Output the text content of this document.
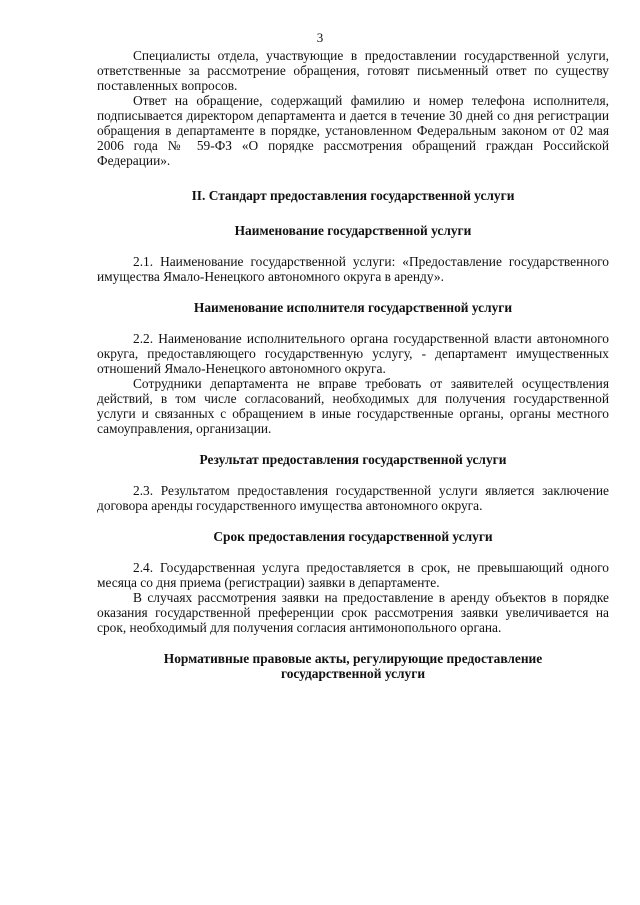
3

Специалисты отдела, участвующие в предоставлении государственной услуги, ответственные за рассмотрение обращения, готовят письменный ответ по существу поставленных вопросов.

Ответ на обращение, содержащий фамилию и номер телефона исполнителя, подписывается директором департамента и дается в течение 30 дней со дня регистрации обращения в департаменте в порядке, установленном Федеральным законом от 02 мая 2006 года № 59-ФЗ «О порядке рассмотрения обращений граждан Российской Федерации».

II. Стандарт предоставления государственной услуги
Наименование государственной услуги

2.1. Наименование государственной услуги: «Предоставление государственного имущества Ямало-Ненецкого автономного округа в аренду».

Наименование исполнителя государственной услуги

2.2. Наименование исполнительного органа государственной власти автономного округа, предоставляющего государственную услугу, - департамент имущественных отношений Ямало-Ненецкого автономного округа.

Сотрудники департамента не вправе требовать от заявителей осуществления действий, в том числе согласований, необходимых для получения государственной услуги и связанных с обращением в иные государственные органы, органы местного самоуправления, организации.

Результат предоставления государственной услуги

2.3. Результатом предоставления государственной услуги является заключение договора аренды государственного имущества автономного округа.

Срок предоставления государственной услуги

2.4. Государственная услуга предоставляется в срок, не превышающий одного месяца со дня приема (регистрации) заявки в департаменте.

В случаях рассмотрения заявки на предоставление в аренду объектов в порядке оказания государственной преференции срок рассмотрения заявки увеличивается на срок, необходимый для получения согласия антимонопольного органа.

Нормативные правовые акты, регулирующие предоставление
государственной услуги
